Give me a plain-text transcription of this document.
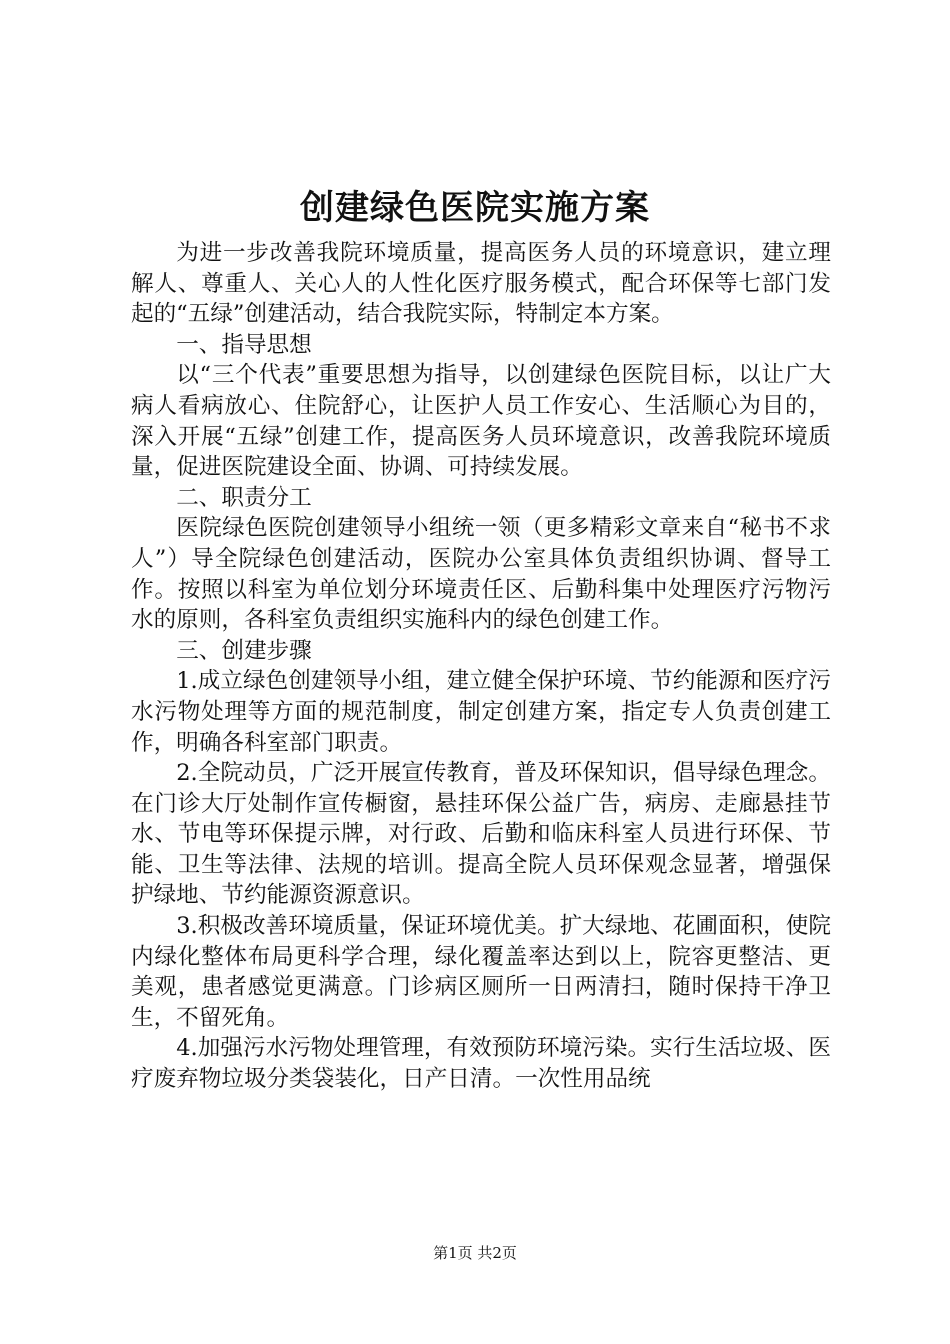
创建绿色医院实施方案

为进一步改善我院环境质量，提高医务人员的环境意识，建立理解人、尊重人、关心人的人性化医疗服务模式，配合环保等七部门发起的“五绿”创建活动，结合我院实际，特制定本方案。

一、指导思想

以“三个代表”重要思想为指导，以创建绿色医院目标，以让广大病人看病放心、住院舒心，让医护人员工作安心、生活顺心为目的，深入开展“五绿”创建工作，提高医务人员环境意识，改善我院环境质量，促进医院建设全面、协调、可持续发展。

二、职责分工

医院绿色医院创建领导小组统一领（更多精彩文章来自“秘书不求人”）导全院绿色创建活动，医院办公室具体负责组织协调、督导工作。按照以科室为单位划分环境责任区、后勤科集中处理医疗污物污水的原则，各科室负责组织实施科内的绿色创建工作。

三、创建步骤

1.成立绿色创建领导小组，建立健全保护环境、节约能源和医疗污水污物处理等方面的规范制度，制定创建方案，指定专人负责创建工作，明确各科室部门职责。

2.全院动员，广泛开展宣传教育，普及环保知识，倡导绿色理念。在门诊大厅处制作宣传橱窗，悬挂环保公益广告，病房、走廊悬挂节水、节电等环保提示牌，对行政、后勤和临床科室人员进行环保、节能、卫生等法律、法规的培训。提高全院人员环保观念显著，增强保护绿地、节约能源资源意识。

3.积极改善环境质量，保证环境优美。扩大绿地、花圃面积，使院内绿化整体布局更科学合理，绿化覆盖率达到以上，院容更整洁、更美观，患者感觉更满意。门诊病区厕所一日两清扫，随时保持干净卫生，不留死角。

4.加强污水污物处理管理，有效预防环境污染。实行生活垃圾、医疗废弃物垃圾分类袋装化，日产日清。一次性用品统

第1页 共2页
